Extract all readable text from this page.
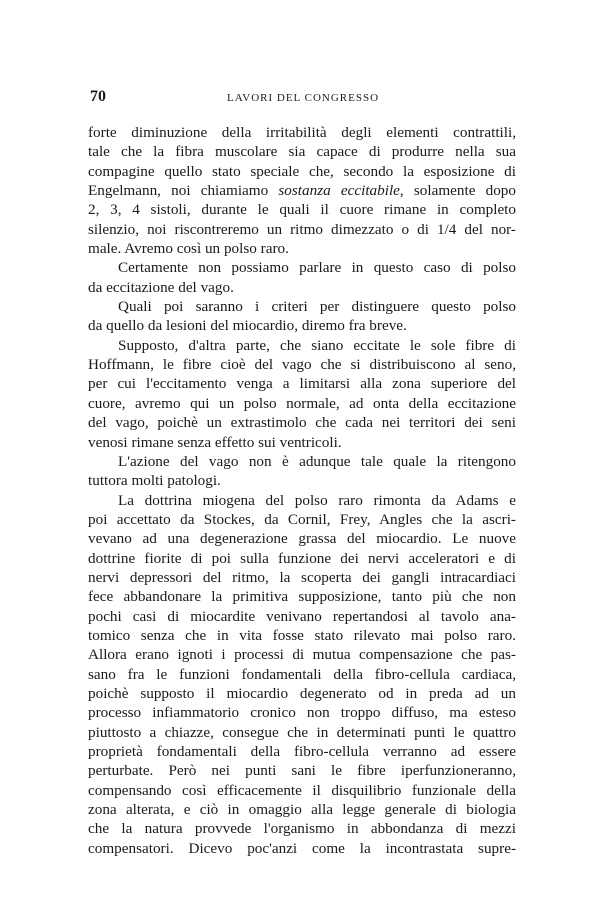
70	LAVORI DEL CONGRESSO

forte diminuzione della irritabilità degli elementi contrattili,
tale che la fibra muscolare sia capace di produrre nella sua
compagine quello stato speciale che, secondo la esposizione di
Engelmann, noi chiamiamo sostanza eccitabile, solamente dopo
2, 3, 4 sistoli, durante le quali il cuore rimane in completo
silenzio, noi riscontreremo un ritmo dimezzato o di 1/4 del nor-
male. Avremo così un polso raro.

Certamente non possiamo parlare in questo caso di polso
da eccitazione del vago.

Quali poi saranno i criteri per distinguere questo polso
da quello da lesioni del miocardio, diremo fra breve.

Supposto, d'altra parte, che siano eccitate le sole fibre di
Hoffmann, le fibre cioè del vago che si distribuiscono al seno,
per cui l'eccitamento venga a limitarsi alla zona superiore del
cuore, avremo qui un polso normale, ad onta della eccitazione
del vago, poichè un extrastimolo che cada nei territori dei seni
venosi rimane senza effetto sui ventricoli.

L'azione del vago non è adunque tale quale la ritengono
tuttora molti patologi.

La dottrina miogena del polso raro rimonta da Adams e
poi accettato da Stockes, da Cornil, Frey, Angles che la ascri-
vevano ad una degenerazione grassa del miocardio. Le nuove
dottrine fiorite di poi sulla funzione dei nervi acceleratori e di
nervi depressori del ritmo, la scoperta dei gangli intracardiaci
fece abbandonare la primitiva supposizione, tanto più che non
pochi casi di miocardite venivano repertandosi al tavolo ana-
tomico senza che in vita fosse stato rilevato mai polso raro.
Allora erano ignoti i processi di mutua compensazione che pas-
sano fra le funzioni fondamentali della fibro-cellula cardiaca,
poichè supposto il miocardio degenerato od in preda ad un
processo infiammatorio cronico non troppo diffuso, ma esteso
piuttosto a chiazze, consegue che in determinati punti le quattro
proprietà fondamentali della fibro-cellula verranno ad essere
perturbate. Però nei punti sani le fibre iperfunzioneranno,
compensando così efficacemente il disquilibrio funzionale della
zona alterata, e ciò in omaggio alla legge generale di biologia
che la natura provvede l'organismo in abbondanza di mezzi
compensatori. Dicevo poc'anzi come la incontrastata supre-
